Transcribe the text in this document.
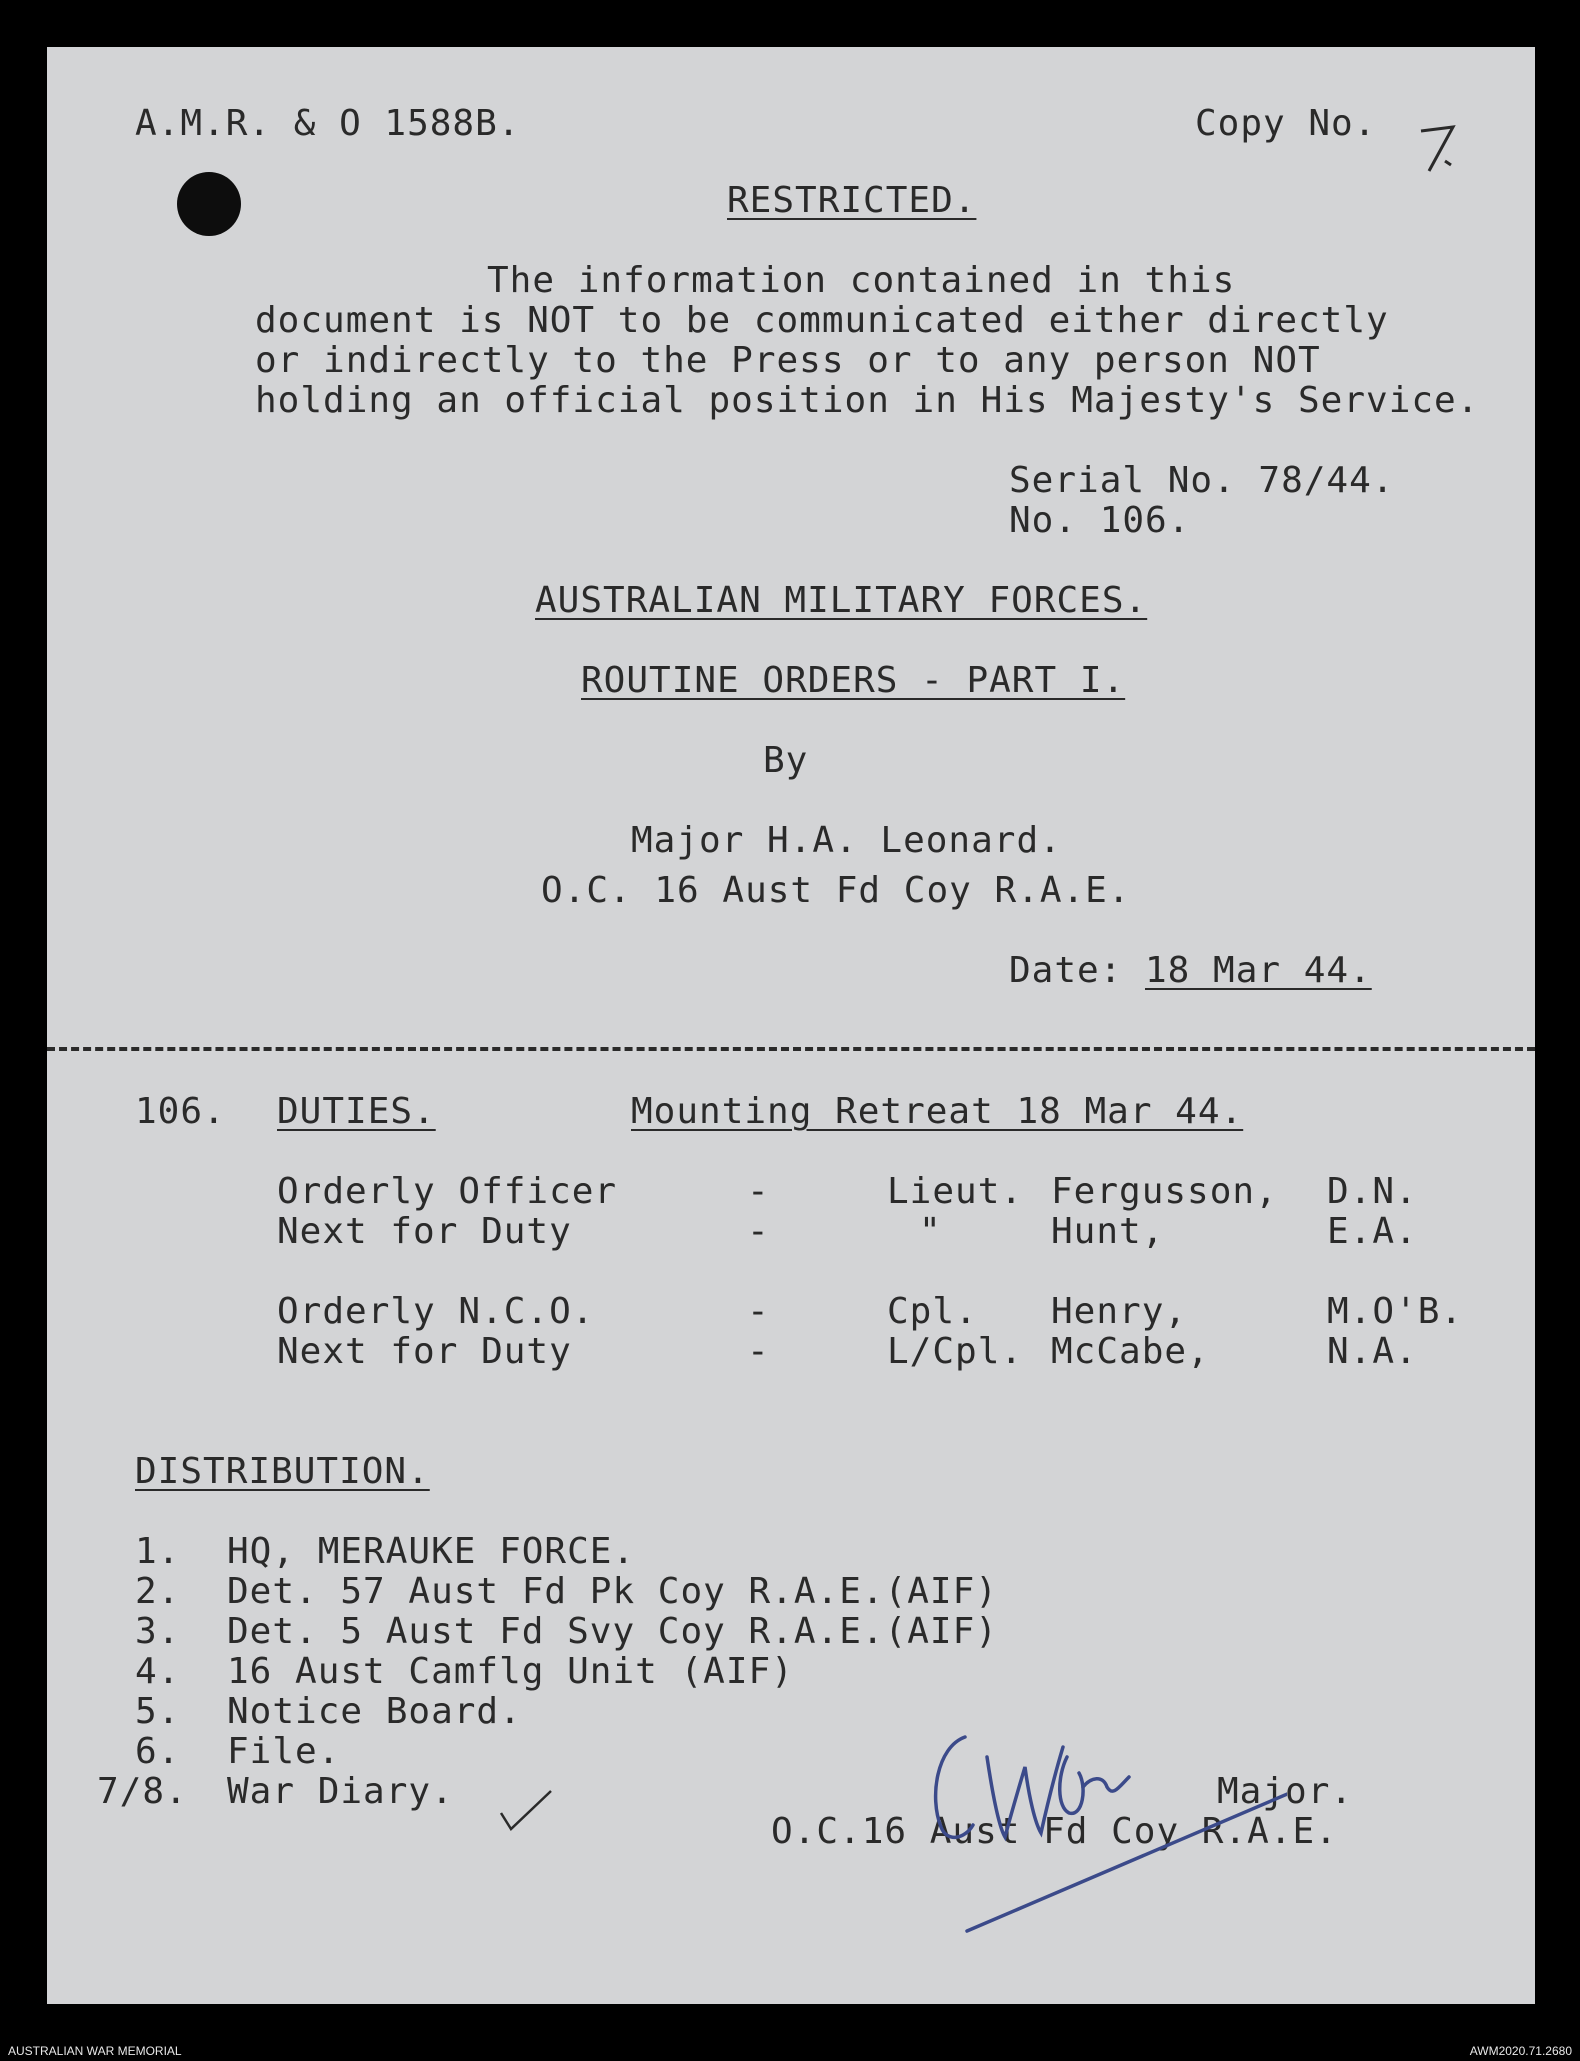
A.M.R. & O 1588B.	Copy No.
RESTRICTED.
The information contained in this
document is NOT to be communicated either directly
or indirectly to the Press or to any person NOT
holding an official position in His Majesty's Service.
Serial No. 78/44.
No. 106.
AUSTRALIAN MILITARY FORCES.
ROUTINE ORDERS - PART I.
By
Major H.A. Leonard.
O.C. 16 Aust Fd Coy R.A.E.
Date: 18 Mar 44.
106. DUTIES.	Mounting Retreat 18 Mar 44.
Orderly Officer	-	Lieut. Fergusson, D.N.
Next for Duty	-	"	Hunt,	E.A.
Orderly N.C.O.	-	Cpl. Henry,	M.O'B.
Next for Duty	-	L/Cpl. McCabe,	N.A.
DISTRIBUTION.
1. HQ, MERAUKE FORCE.
2. Det. 57 Aust Fd Pk Coy R.A.E.(AIF)
3. Det. 5 Aust Fd Svy Coy R.A.E.(AIF)
4. 16 Aust Camflg Unit (AIF)
5. Notice Board.
6. File.
7/8. War Diary.	Major.
O.C.16 Aust Fd Coy R.A.E.
AUSTRALIAN WAR MEMORIAL	AWM2020.71.2680
